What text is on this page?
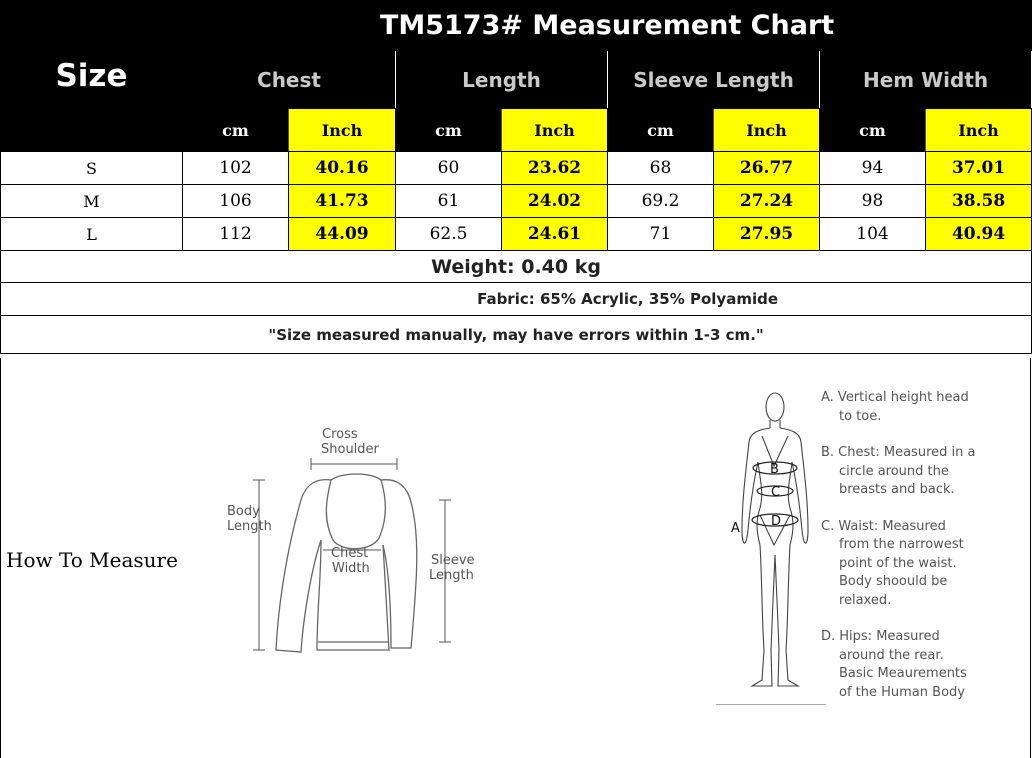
Size	TM5173# Measurement Chart							
	Chest		Length		Sleeve Length		Hem Width	
	cm	Inch	cm	Inch	cm	Inch	cm	Inch
S	102	40.16	60	23.62	68	26.77	94	37.01
M	106	41.73	61	24.02	69.2	27.24	98	38.58
L	112	44.09	62.5	24.61	71	27.95	104	40.94
Weight: 0.40 kg								
Fabric: 65% Acrylic, 35% Polyamide								
"Size measured manually, may have errors within 1-3 cm."								
How To Measure
Cross
Shoulder
Body
Length
Chest
Width
Sleeve
Length
A
B
C
D
A. Vertical height head
to toe.
B. Chest: Measured in a
circle around the
breasts and back.
C. Waist: Measured
from the narrowest
point of the waist.
Body shoould be
relaxed.
D. Hips: Measured
around the rear.
Basic Meaurements
of the Human Body
